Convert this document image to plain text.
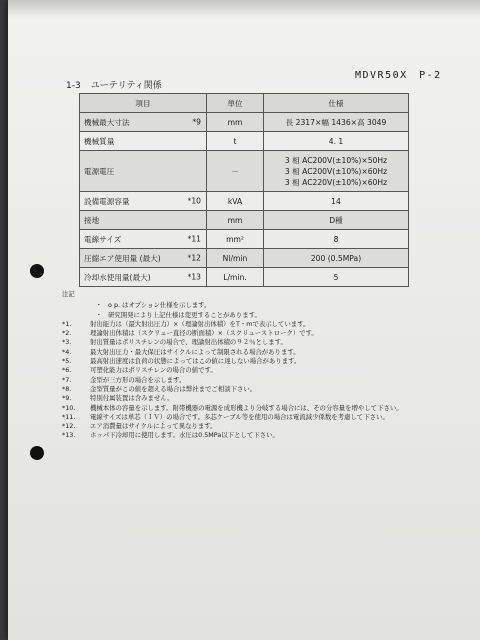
MDVR50X　P-2
1-3 ユーテリティ関係
項目	単位	仕様
機械最大寸法 *9	mm	長 2317×幅 1436×高 3049
機械質量	t	4. 1
電源電圧	－	3 相 AC200V(±10%)×50Hz
3 相 AC200V(±10%)×60Hz
3 相 AC220V(±10%)×60Hz

設備電源容量 *10	kVA	14
接地	mm	D種
電線サイズ *11	mm²	8
圧縮エア使用量 (最大) *12	Nl/min	200 (0.5MPa)
冷却水使用量(最大) *13	L/min.	5
注記
・ o p. はオプション仕様を示します。
・ 研究開発により上記仕様は変更することがあります。
*1.	射出能力は（最大射出圧力）×（理論射出体積）をT・mで表示しています。
*2.	理論射出体積は（スクリュー直径の断面積）×（スクリューストローク）です。
*3.	射出質量はポリスチレンの場合で、理論射出体積の９２％とします。
*4.	最大射出圧力・最大保圧はサイクルによって制限される場合があります。
*5.	最高射出速度は負荷の状態によってはこの値に達しない場合があります。
*6.	可塑化能力はポリスチレンの場合の値です。
*7.	金型が三方形の場合を示します。
*8.	金型質量がこの値を超える場合は弊社までご相談下さい。
*9.	特別付属装置は含みません。
*10.	機械本体の容量を示します。附帯機器の電源を成形機より分岐する場合には、その分容量を増やして下さい。
*11.	電線サイズは単芯（ＩＶ）の場合です。多芯ケーブル等を使用の場合は電流減少係数を考慮して下さい。
*12.	エア消費量はサイクルによって異なります。
*13.	ホッパ下冷却用に使用します。水圧は0.5MPa以下として下さい。
